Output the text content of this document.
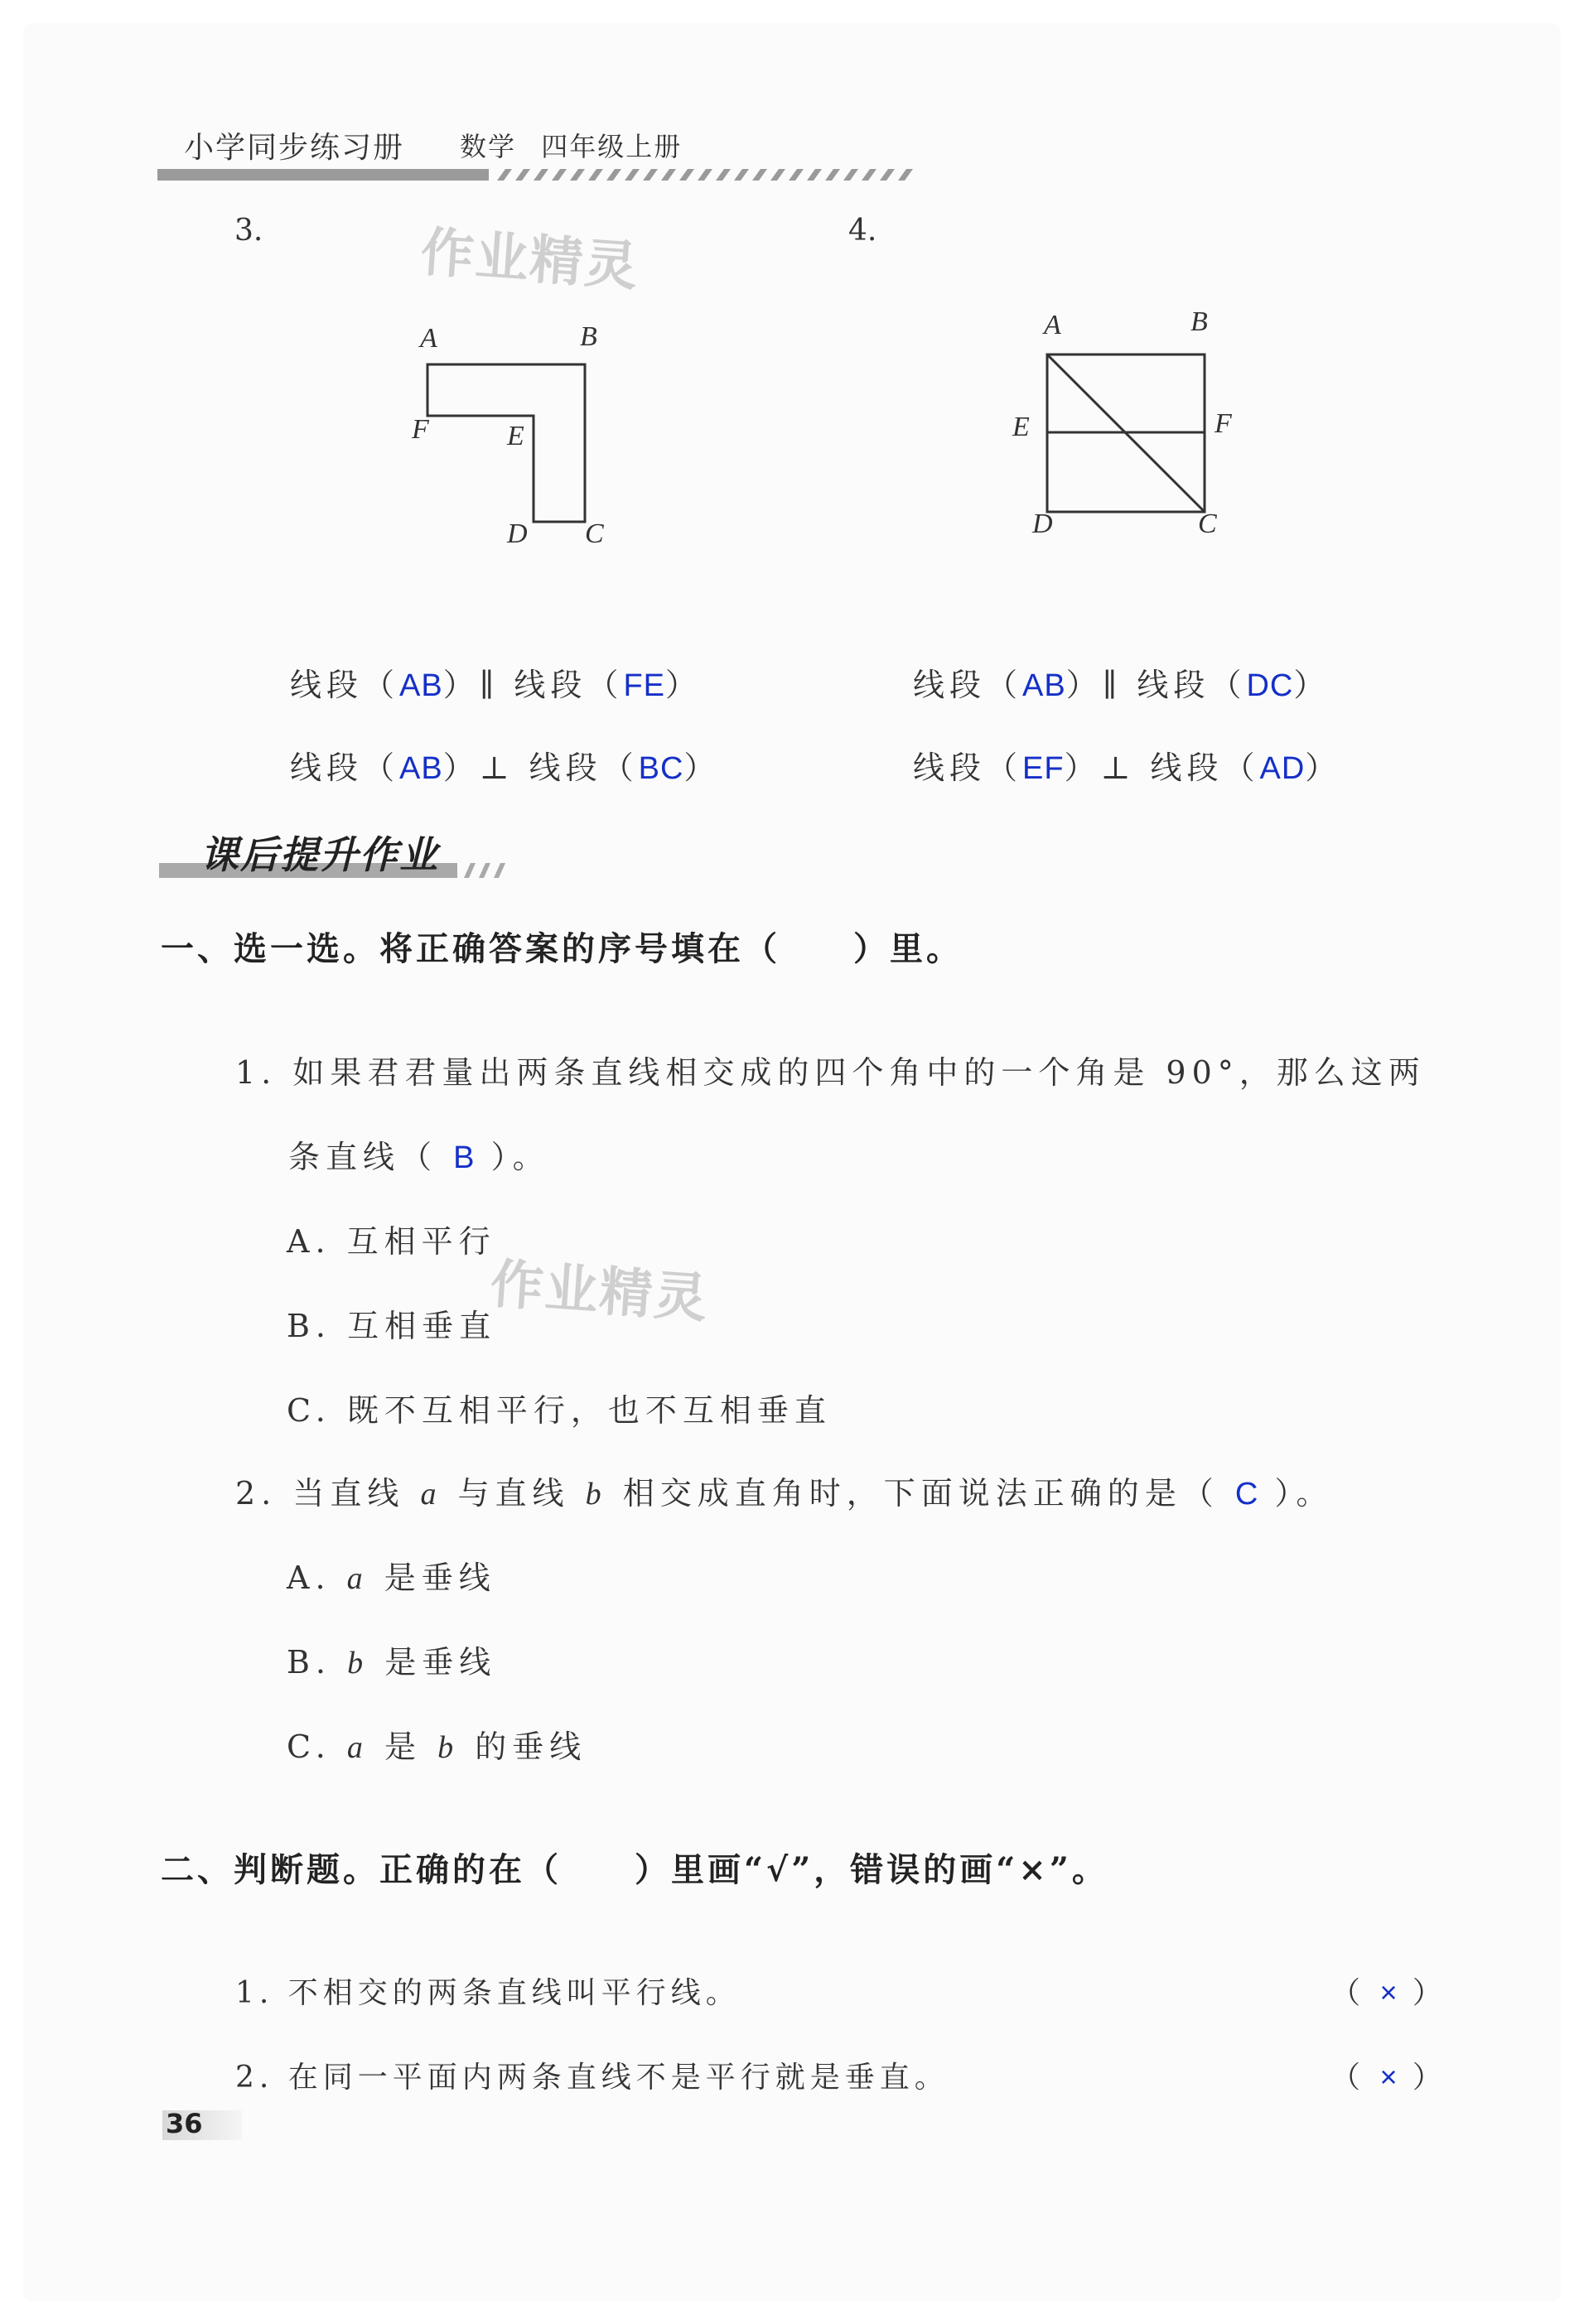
小学同步练习册 数学 四年级上册
3.	4.
作业精灵
A	B
F	E
D C
A	B
E	F
D	C
线段（AB）∥ 线段（FE）
线段（AB）⊥ 线段（BC）
线段（AB）∥ 线段（DC）
线段（EF）⊥ 线段（AD）
课后提升作业
一、选一选。将正确答案的序号填在（　　）里。
1. 如果君君量出两条直线相交成的四个角中的一个角是 90°，那么这两
条直线（ B ）。
A. 互相平行
B. 互相垂直
C. 既不互相平行，也不互相垂直
作业精灵
2. 当直线 a 与直线 b 相交成直角时，下面说法正确的是（ C ）。
A. a 是垂线
B. b 是垂线
C. a 是 b 的垂线
二、判断题。正确的在（　　）里画“√”，错误的画“×”。
1. 不相交的两条直线叫平行线。	（ × ）
2. 在同一平面内两条直线不是平行就是垂直。	（ × ）
36
